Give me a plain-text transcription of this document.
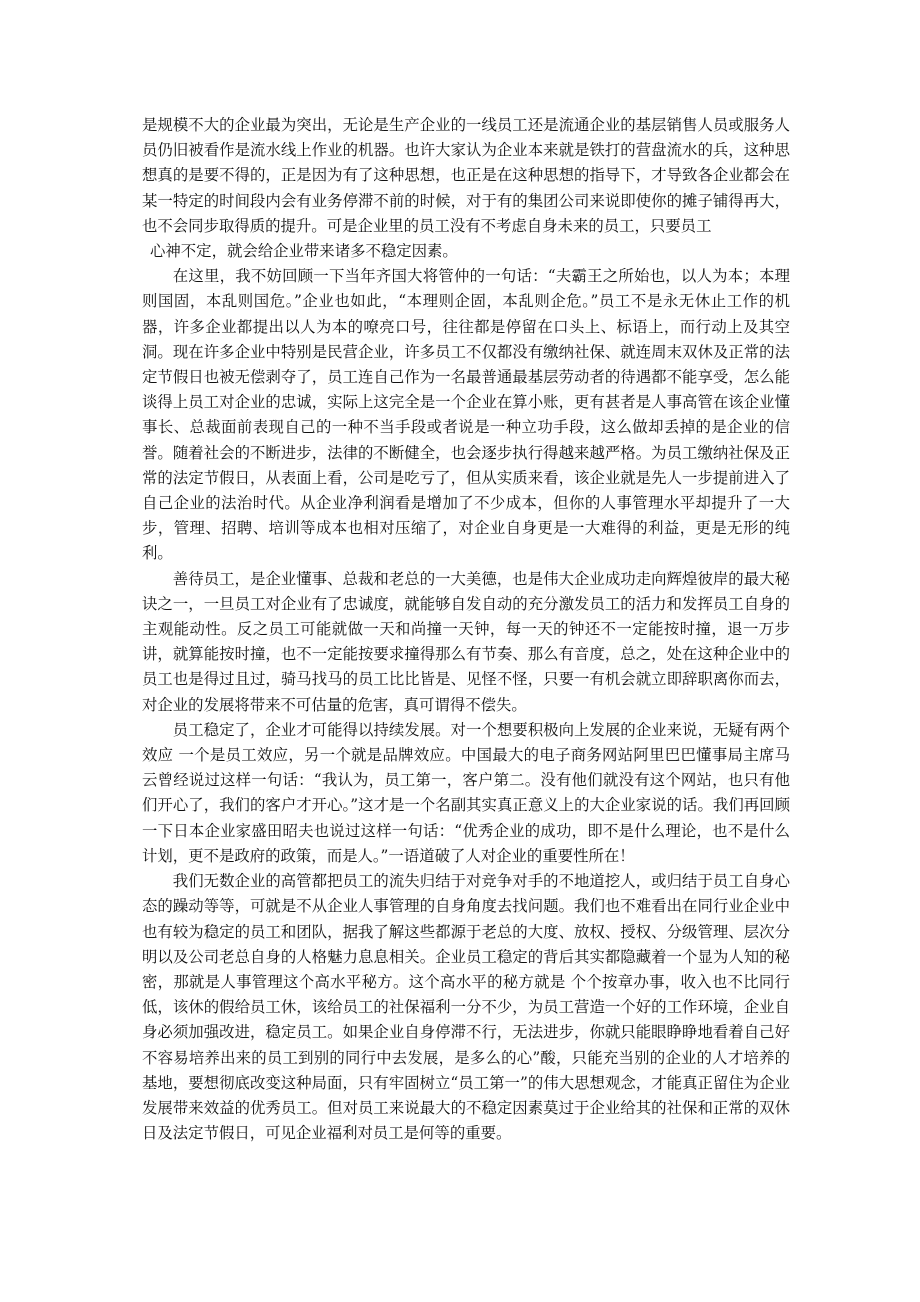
是规模不大的企业最为突出，无论是生产企业的一线员工还是流通企业的基层销售人员或服务人员仍旧被看作是流水线上作业的机器。也许大家认为企业本来就是铁打的营盘流水的兵，这种思想真的是要不得的，正是因为有了这种思想，也正是在这种思想的指导下，才导致各企业都会在某一特定的时间段内会有业务停滞不前的时候，对于有的集团公司来说即使你的摊子铺得再大，也不会同步取得质的提升。可是企业里的员工没有不考虑自身未来的员工，只要员工

心神不定，就会给企业带来诸多不稳定因素。

在这里，我不妨回顾一下当年齐国大将管仲的一句话：“夫霸王之所始也，以人为本；本理则国固，本乱则国危。”企业也如此，“本理则企固，本乱则企危。”员工不是永无休止工作的机器，许多企业都提出以人为本的嘹亮口号，往往都是停留在口头上、标语上，而行动上及其空洞。现在许多企业中特别是民营企业，许多员工不仅都没有缴纳社保、就连周末双休及正常的法定节假日也被无偿剥夺了，员工连自己作为一名最普通最基层劳动者的待遇都不能享受，怎么能谈得上员工对企业的忠诚，实际上这完全是一个企业在算小账，更有甚者是人事高管在该企业懂事长、总裁面前表现自己的一种不当手段或者说是一种立功手段，这么做却丢掉的是企业的信誉。随着社会的不断进步，法律的不断健全，也会逐步执行得越来越严格。为员工缴纳社保及正常的法定节假日，从表面上看，公司是吃亏了，但从实质来看，该企业就是先人一步提前进入了自己企业的法治时代。从企业净利润看是增加了不少成本，但你的人事管理水平却提升了一大步，管理、招聘、培训等成本也相对压缩了，对企业自身更是一大难得的利益，更是无形的纯利。

善待员工，是企业懂事、总裁和老总的一大美德，也是伟大企业成功走向辉煌彼岸的最大秘诀之一，一旦员工对企业有了忠诚度，就能够自发自动的充分激发员工的活力和发挥员工自身的主观能动性。反之员工可能就做一天和尚撞一天钟，每一天的钟还不一定能按时撞，退一万步讲，就算能按时撞，也不一定能按要求撞得那么有节奏、那么有音度，总之，处在这种企业中的员工也是得过且过，骑马找马的员工比比皆是、见怪不怪，只要一有机会就立即辞职离你而去，对企业的发展将带来不可估量的危害，真可谓得不偿失。

员工稳定了，企业才可能得以持续发展。对一个想要积极向上发展的企业来说，无疑有两个效应 一个是员工效应，另一个就是品牌效应。中国最大的电子商务网站阿里巴巴懂事局主席马云曾经说过这样一句话：“我认为，员工第一，客户第二。没有他们就没有这个网站，也只有他们开心了，我们的客户才开心。”这才是一个名副其实真正意义上的大企业家说的话。我们再回顾一下日本企业家盛田昭夫也说过这样一句话：“优秀企业的成功，即不是什么理论，也不是什么计划，更不是政府的政策，而是人。”一语道破了人对企业的重要性所在！

我们无数企业的高管都把员工的流失归结于对竞争对手的不地道挖人，或归结于员工自身心态的躁动等等，可就是不从企业人事管理的自身角度去找问题。我们也不难看出在同行业企业中也有较为稳定的员工和团队，据我了解这些都源于老总的大度、放权、授权、分级管理、层次分明以及公司老总自身的人格魅力息息相关。企业员工稳定的背后其实都隐藏着一个显为人知的秘密，那就是人事管理这个高水平秘方。这个高水平的秘方就是 个个按章办事，收入也不比同行低，该休的假给员工休，该给员工的社保福利一分不少，为员工营造一个好的工作环境，企业自身必须加强改进，稳定员工。如果企业自身停滞不行，无法进步，你就只能眼睁睁地看着自己好不容易培养出来的员工到别的同行中去发展，是多么的心”酸，只能充当别的企业的人才培养的基地，要想彻底改变这种局面，只有牢固树立“员工第一”的伟大思想观念，才能真正留住为企业发展带来效益的优秀员工。但对员工来说最大的不稳定因素莫过于企业给其的社保和正常的双休日及法定节假日，可见企业福利对员工是何等的重要。
